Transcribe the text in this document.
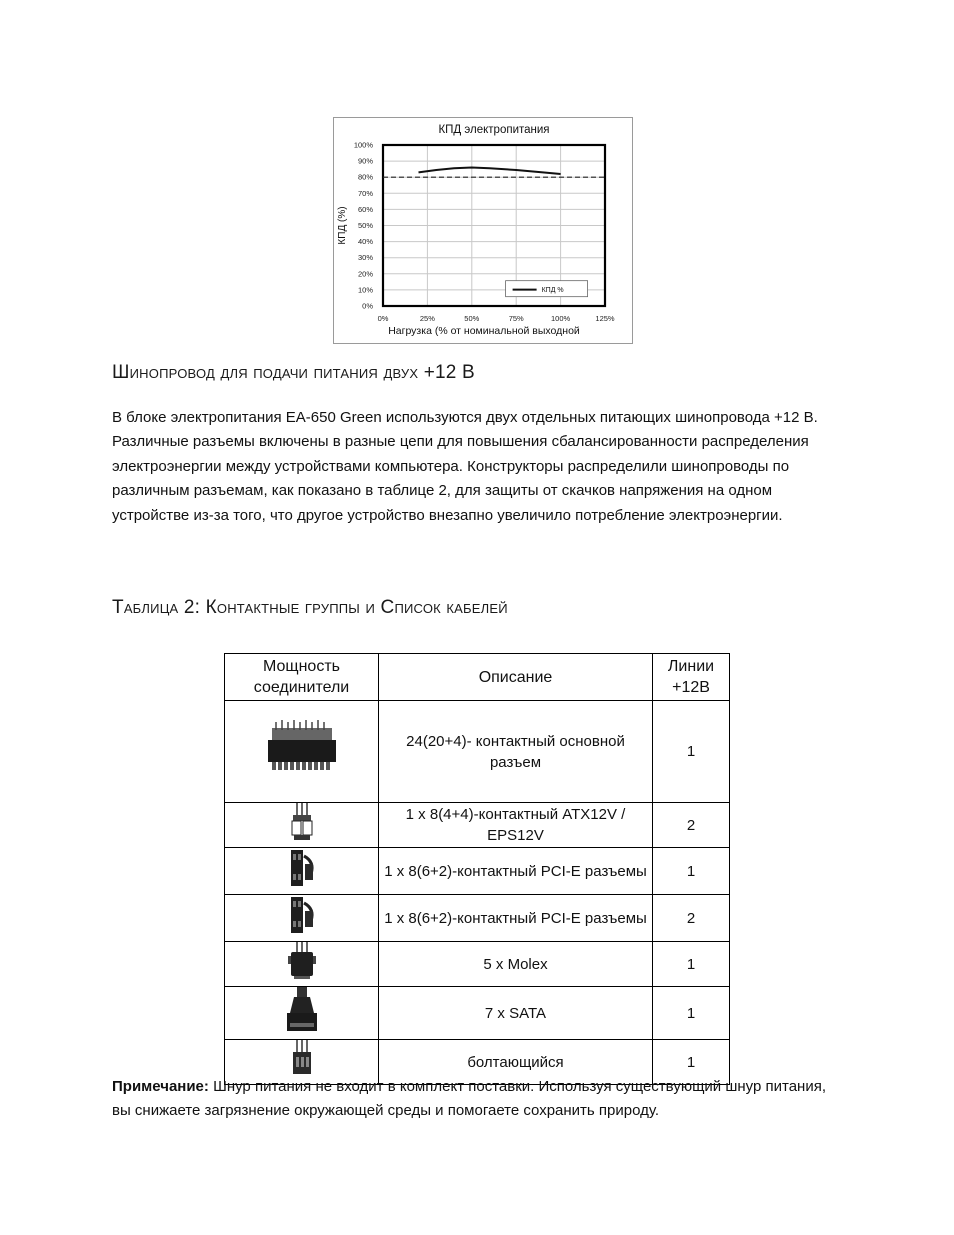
КПД электропитания
0%
10%
20%
30%
40%
50%
60%
70%
80%
90%
100%
0%	25%	50%	75%	100%	125%
Нагрузка (% от номинальной выходной
КПД (%)
КПД %
Шинопровод для подачи питания двух +12 В
В блоке электропитания EA-650 Green используются двух отдельных питающих шинопровода +12 В. Различные разъемы включены в разные цепи для повышения сбалансированности распределения электроэнергии между устройствами компьютера. Конструкторы распределили шинопроводы по различным разъемам, как показано в таблице 2, для защиты от скачков напряжения на одном устройстве из-за того, что другое устройство внезапно увеличило потребление электроэнергии.
Таблица 2: Контактные группы и Список кабелей
Мощность соединители	Описание	Линии +12В
	24(20+4)- контактный основной разъем	1
	1 x 8(4+4)-контактный ATX12V / EPS12V	2
	1 x 8(6+2)-контактный PCI-E разъемы	1
	1 x 8(6+2)-контактный PCI-E разъемы	2
	5 x Molex	1
	7 x SATA	1
	болтающийся	1
Примечание: Шнур питания не входит в комплект поставки. Используя существующий шнур питания, вы снижаете загрязнение окружающей среды и помогаете сохранить природу.
